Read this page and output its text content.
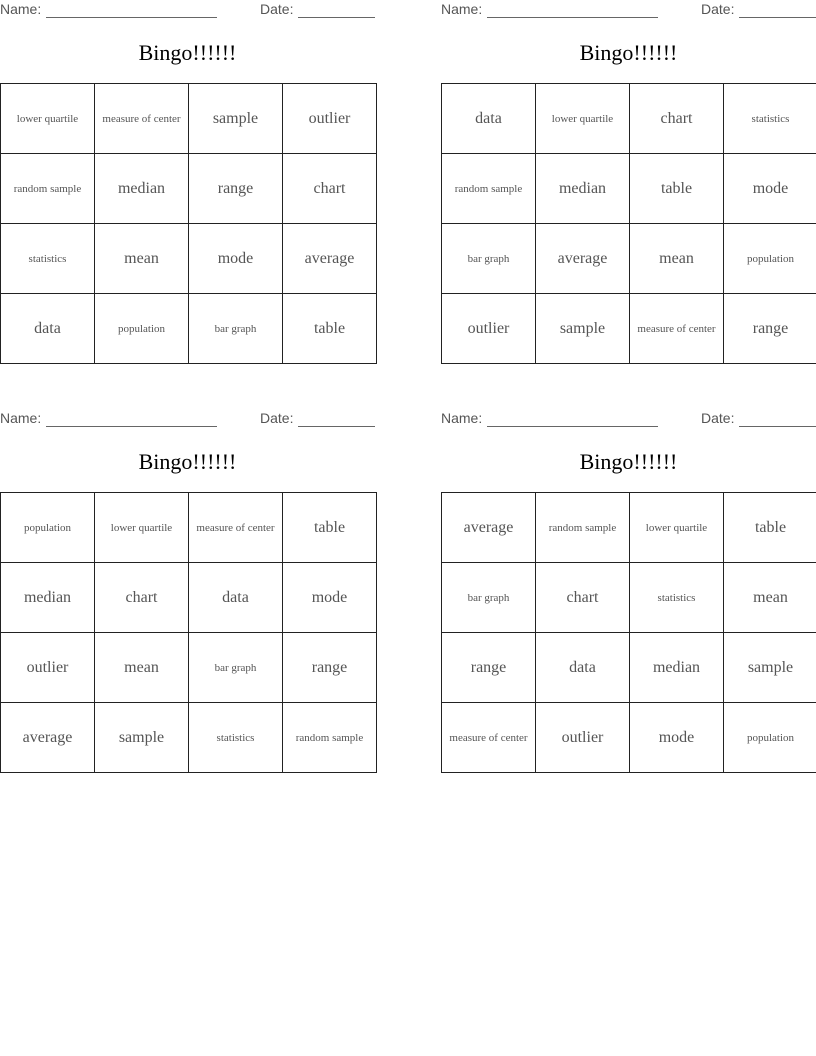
Name:	Date:
Bingo!!!!!!
lower quartile	measure of center	sample	outlier
random sample	median	range	chart
statistics	mean	mode	average
data	population	bar graph	table
Name:	Date:
Bingo!!!!!!
data	lower quartile	chart	statistics
random sample	median	table	mode
bar graph	average	mean	population
outlier	sample	measure of center	range
Name:	Date:
Bingo!!!!!!
population	lower quartile	measure of center	table
median	chart	data	mode
outlier	mean	bar graph	range
average	sample	statistics	random sample
Name:	Date:
Bingo!!!!!!
average	random sample	lower quartile	table
bar graph	chart	statistics	mean
range	data	median	sample
measure of center	outlier	mode	population
